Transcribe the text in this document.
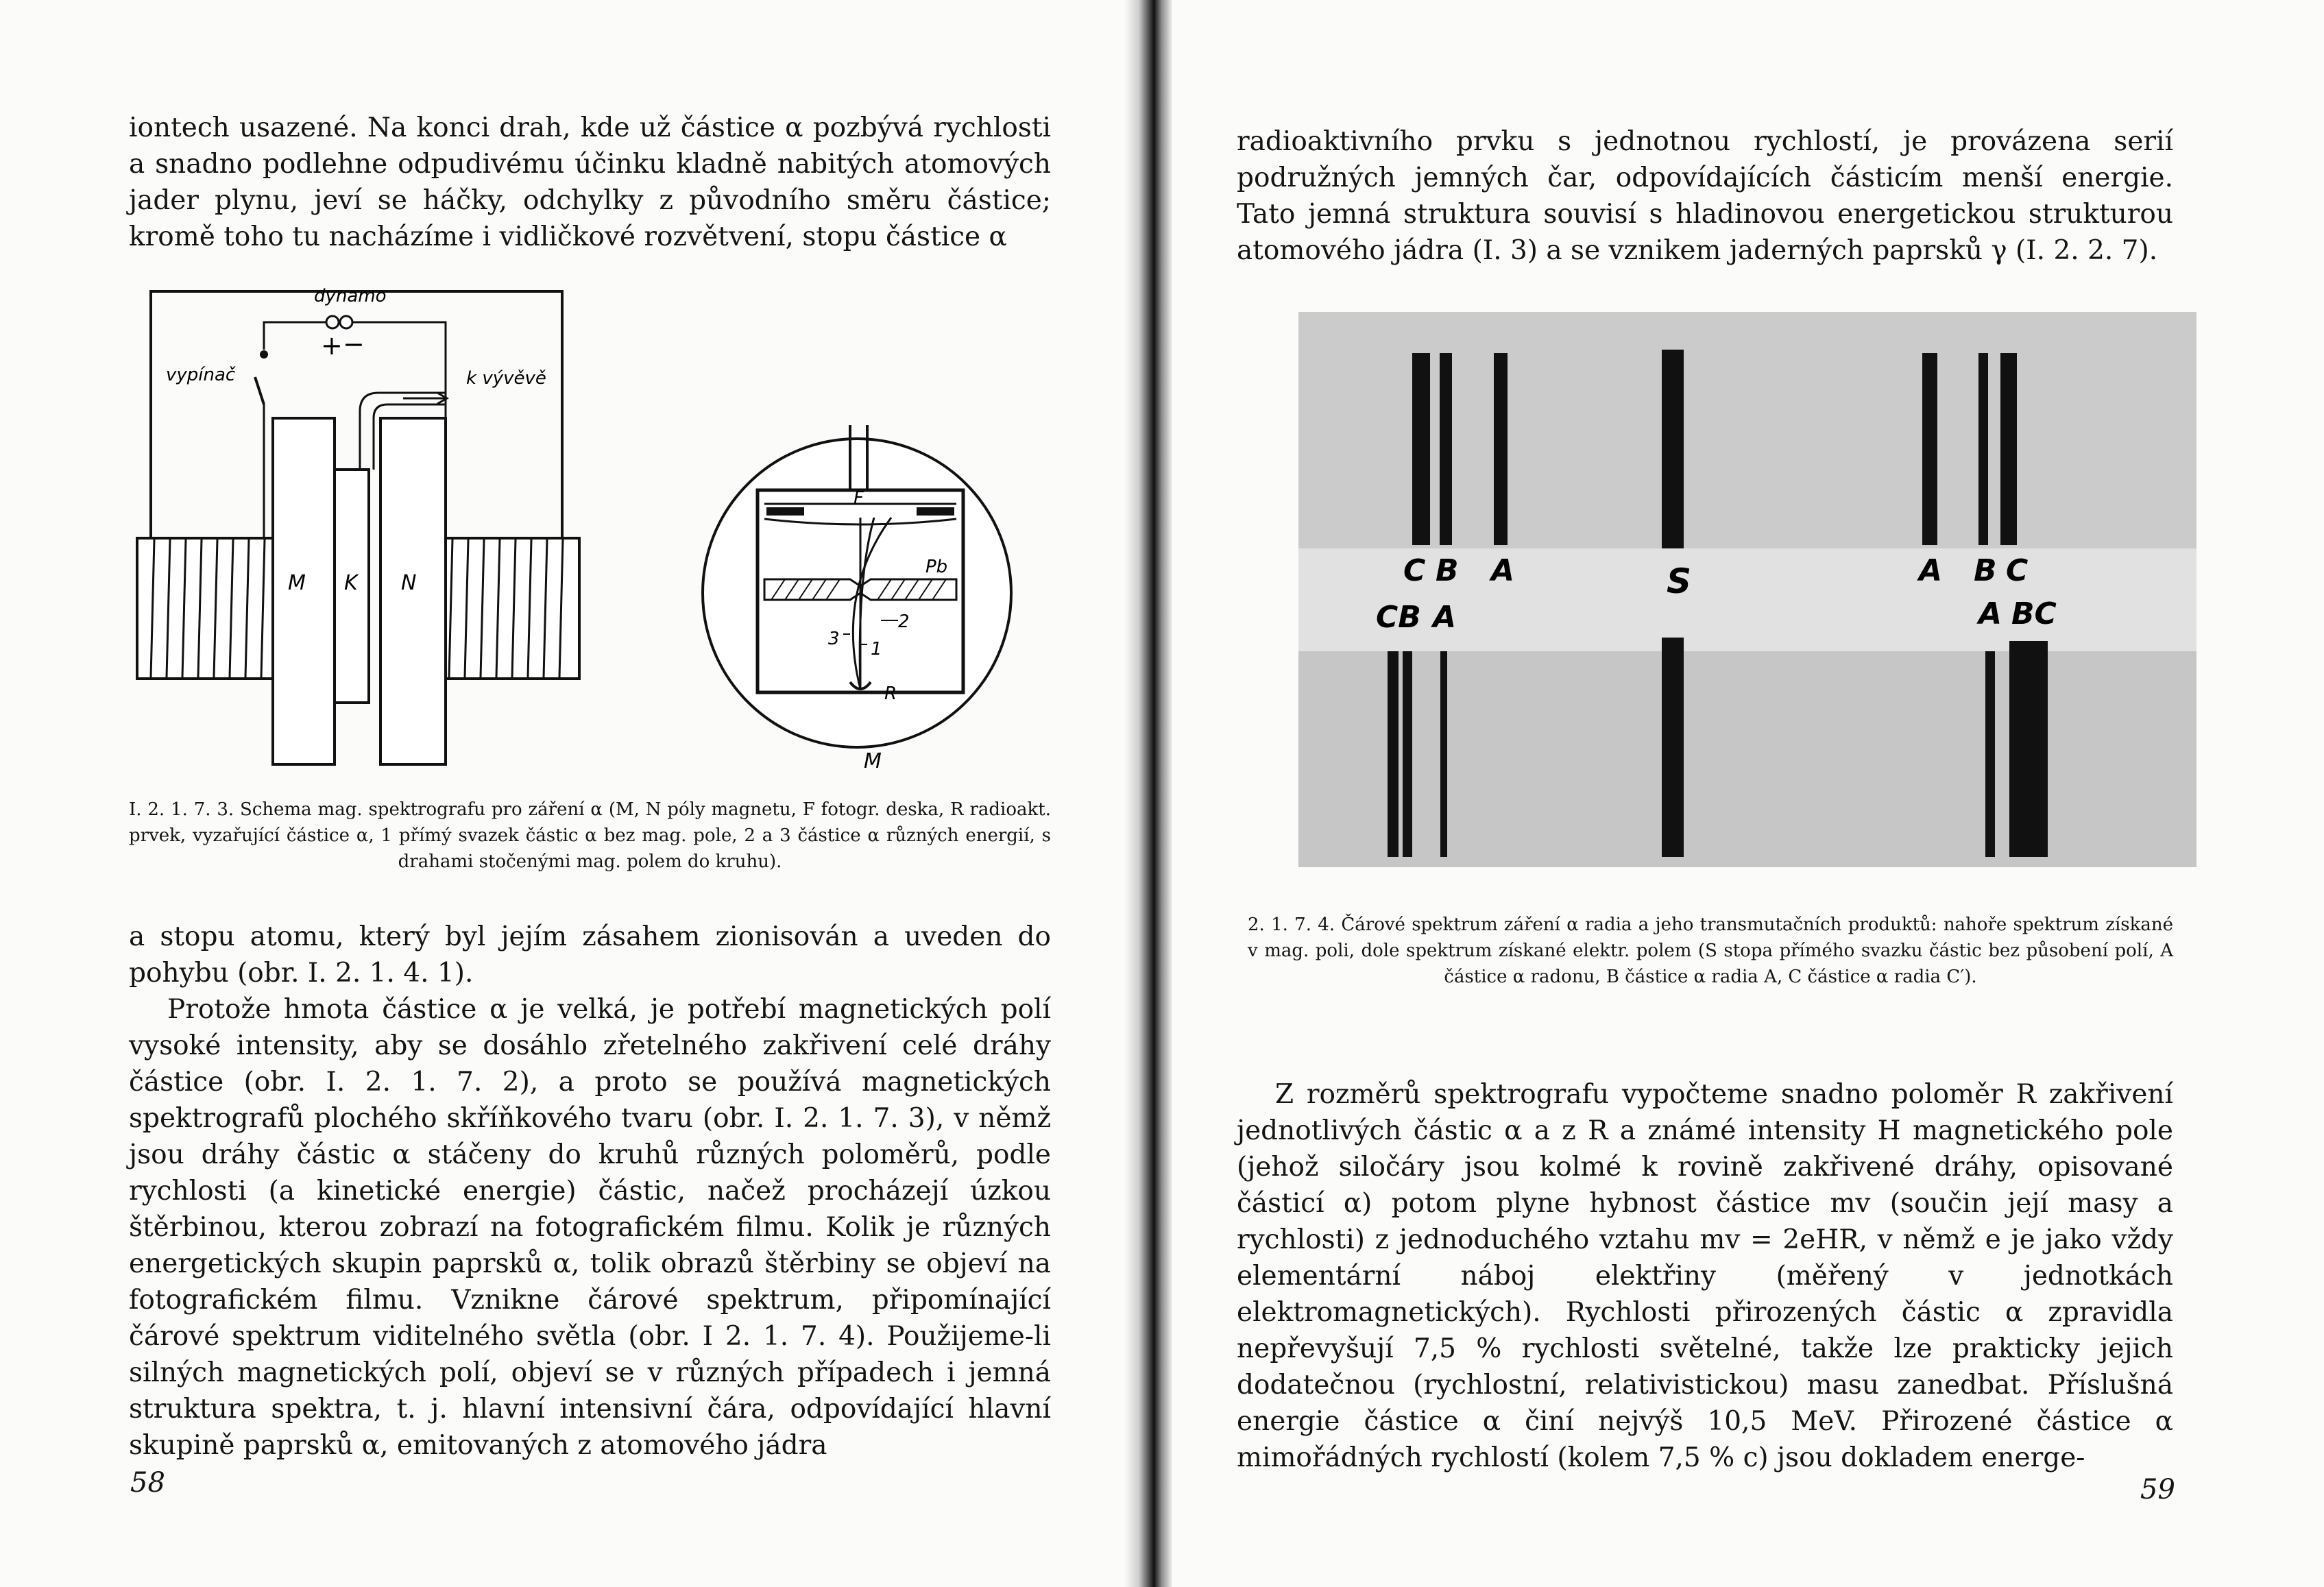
iontech usazené. Na konci drah, kde už částice α pozbývá rychlosti a snadno podlehne odpudivému účinku kladně nabitých atomových jader plynu, jeví se háčky, odchylky z původního směru částice; kromě toho tu nacházíme i vidličkové rozvětvení, stopu částice α

dynamo
+ −
vypínač	k vývěvě
M K N
F
Pb
2
1
3
R
M

I. 2. 1. 7. 3. Schema mag. spektrografu pro záření α (M, N póly magnetu, F fotogr. deska, R radioakt. prvek, vyzařující částice α, 1 přímý svazek částic α bez mag. pole, 2 a 3 částice α různých energií, s drahami stočenými mag. polem do kruhu).

a stopu atomu, který byl jejím zásahem zionisován a uveden do pohybu (obr. I. 2. 1. 4. 1).

Protože hmota částice α je velká, je potřebí magnetických polí vysoké intensity, aby se dosáhlo zřetelného zakřivení celé dráhy částice (obr. I. 2. 1. 7. 2), a proto se používá magnetických spektrografů plochého skříňkového tvaru (obr. I. 2. 1. 7. 3), v němž jsou dráhy částic α stáčeny do kruhů různých poloměrů, podle rychlosti (a kinetické energie) částic, načež procházejí úzkou štěrbinou, kterou zobrazí na fotografickém filmu. Kolik je různých energetických skupin paprsků α, tolik obrazů štěrbiny se objeví na fotografickém filmu. Vznikne čárové spektrum, připomínající čárové spektrum viditelného světla (obr. I 2. 1. 7. 4). Použijeme-li silných magnetických polí, objeví se v různých případech i jemná struktura spektra, t. j. hlavní intensivní čára, odpovídající hlavní skupině paprsků α, emitovaných z atomového jádra

58

radioaktivního prvku s jednotnou rychlostí, je provázena serií podružných jemných čar, odpovídajících částicím menší energie. Tato jemná struktura souvisí s hladinovou energetickou strukturou atomového jádra (I. 3) a se vznikem jaderných paprsků γ (I. 2. 2. 7).

C B A	S	A B C
CB A	A BC

2. 1. 7. 4. Čárové spektrum záření α radia a jeho transmutačních produktů: nahoře spektrum získané v mag. poli, dole spektrum získané elektr. polem (S stopa přímého svazku částic bez působení polí, A částice α radonu, B částice α radia A, C částice α radia C′).

Z rozměrů spektrografu vypočteme snadno poloměr R zakřivení jednotlivých částic α a z R a známé intensity H magnetického pole (jehož siločáry jsou kolmé k rovině zakřivené dráhy, opisované částicí α) potom plyne hybnost částice mv (součin její masy a rychlosti) z jednoduchého vztahu mv = 2eHR, v němž e je jako vždy elementární náboj elektřiny (měřený v jednotkách elektromagnetických). Rychlosti přirozených částic α zpravidla nepřevyšují 7,5 % rychlosti světelné, takže lze prakticky jejich dodatečnou (rychlostní, relativistickou) masu zanedbat. Příslušná energie částice α činí nejvýš 10,5 MeV. Přirozené částice α mimořádných rychlostí (kolem 7,5 % c) jsou dokladem energe-

59
